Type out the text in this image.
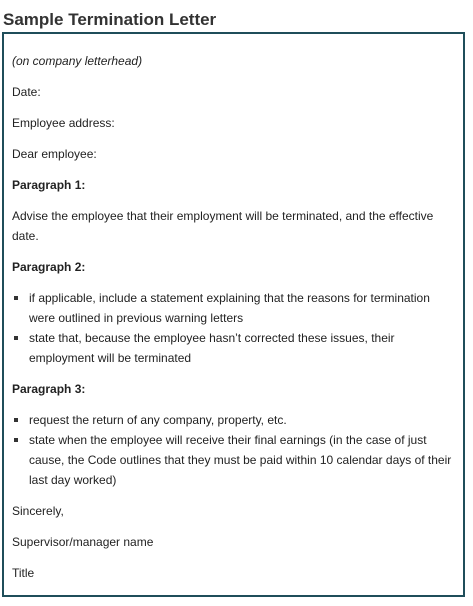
Sample Termination Letter

(on company letterhead)

Date:

Employee address:

Dear employee:

Paragraph 1:

Advise the employee that their employment will be terminated, and the effective date.

Paragraph 2:

if applicable, include a statement explaining that the reasons for termination were outlined in previous warning letters
state that, because the employee hasn’t corrected these issues, their employment will be terminated

Paragraph 3:

request the return of any company, property, etc.
state when the employee will receive their final earnings (in the case of just cause, the Code outlines that they must be paid within 10 calendar days of their last day worked)

Sincerely,

Supervisor/manager name

Title
